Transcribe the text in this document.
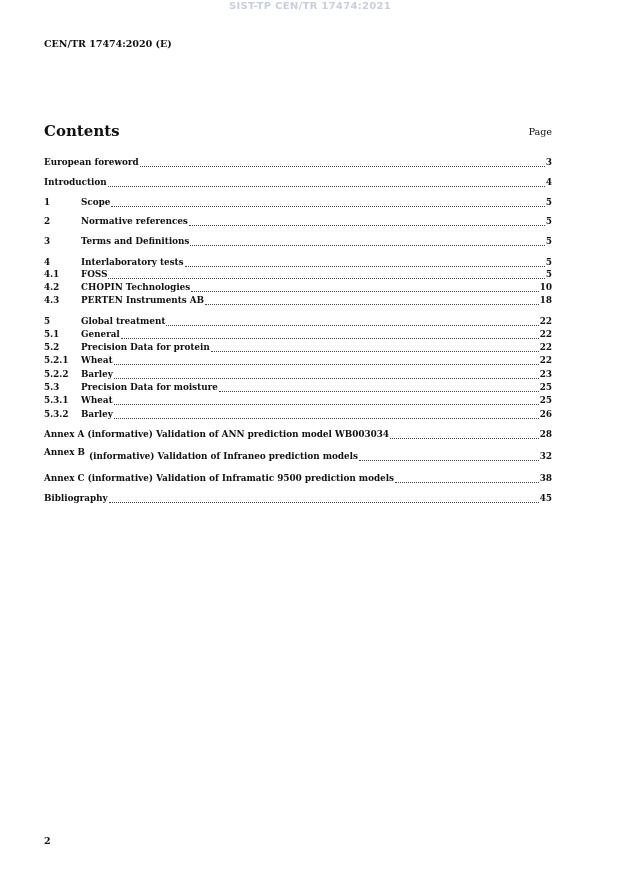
SIST-TP CEN/TR 17474:2021
CEN/TR 17474:2020 (E)
Contents	Page
European foreword	3
Introduction	4
1	Scope	5
2	Normative references	5
3	Terms and Definitions	5
4	Interlaboratory tests	5
4.1	FOSS	5
4.2	CHOPIN Technologies	10
4.3	PERTEN Instruments AB	18
5	Global treatment	22
5.1	General	22
5.2	Precision Data for protein	22
5.2.1	Wheat	22
5.2.2	Barley	23
5.3	Precision Data for moisture	25
5.3.1	Wheat	25
5.3.2	Barley	26
Annex A (informative) Validation of ANN prediction model WB003034	28
Annex B (informative) Validation of Infraneo prediction models	32
Annex C (informative) Validation of Inframatic 9500 prediction models	38
Bibliography	45
2
